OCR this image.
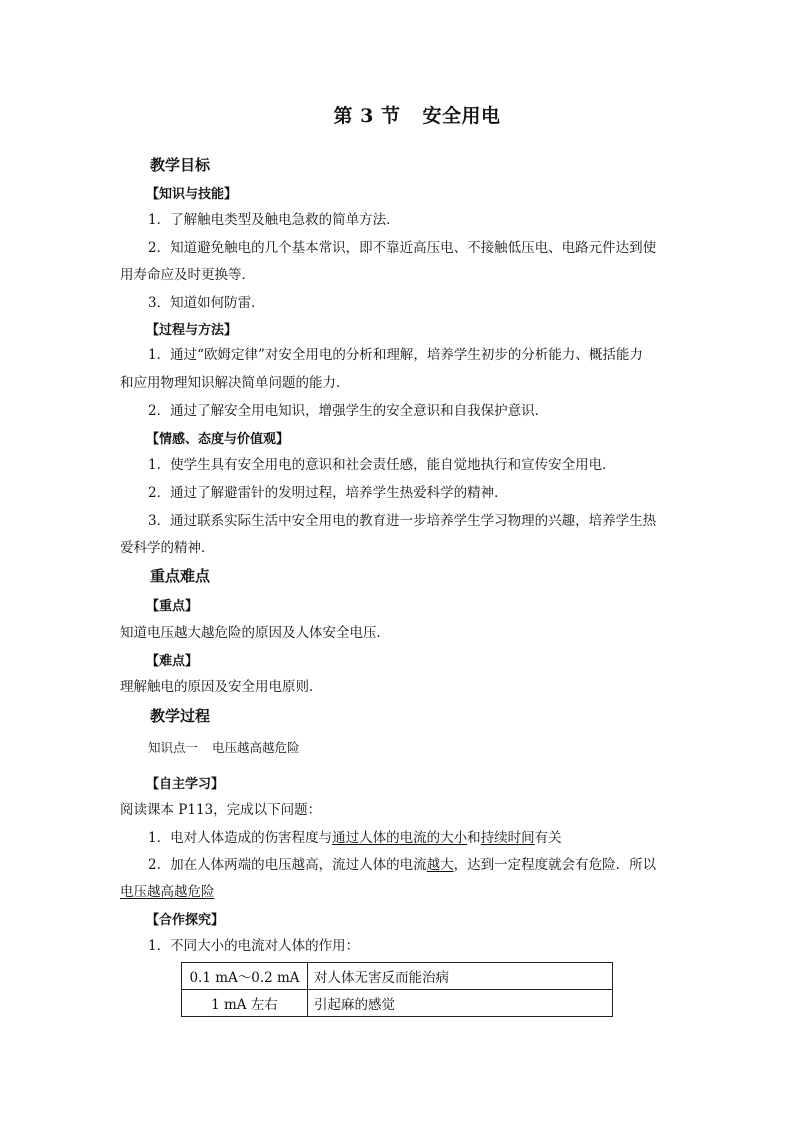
第 3 节 安全用电
教学目标
【知识与技能】
1．了解触电类型及触电急救的简单方法．
2．知道避免触电的几个基本常识，即不靠近高压电、不接触低压电、电路元件达到使
用寿命应及时更换等．
3．知道如何防雷．
【过程与方法】
1．通过“欧姆定律”对安全用电的分析和理解，培养学生初步的分析能力、概括能力
和应用物理知识解决简单问题的能力．
2．通过了解安全用电知识，增强学生的安全意识和自我保护意识．
【情感、态度与价值观】
1．使学生具有安全用电的意识和社会责任感，能自觉地执行和宣传安全用电．
2．通过了解避雷针的发明过程，培养学生热爱科学的精神．
3．通过联系实际生活中安全用电的教育进一步培养学生学习物理的兴趣，培养学生热
爱科学的精神．
重点难点
【重点】
知道电压越大越危险的原因及人体安全电压．
【难点】
理解触电的原因及安全用电原则．
教学过程
知识点一 电压越高越危险
【自主学习】
阅读课本 P113，完成以下问题：
1．电对人体造成的伤害程度与通过人体的电流的大小和持续时间有关
2．加在人体两端的电压越高，流过人体的电流越大，达到一定程度就会有危险．所以
电压越高越危险
【合作探究】
1．不同大小的电流对人体的作用：
0.1 mA～0.2 mA	对人体无害反而能治病
1 mA 左右	引起麻的感觉
